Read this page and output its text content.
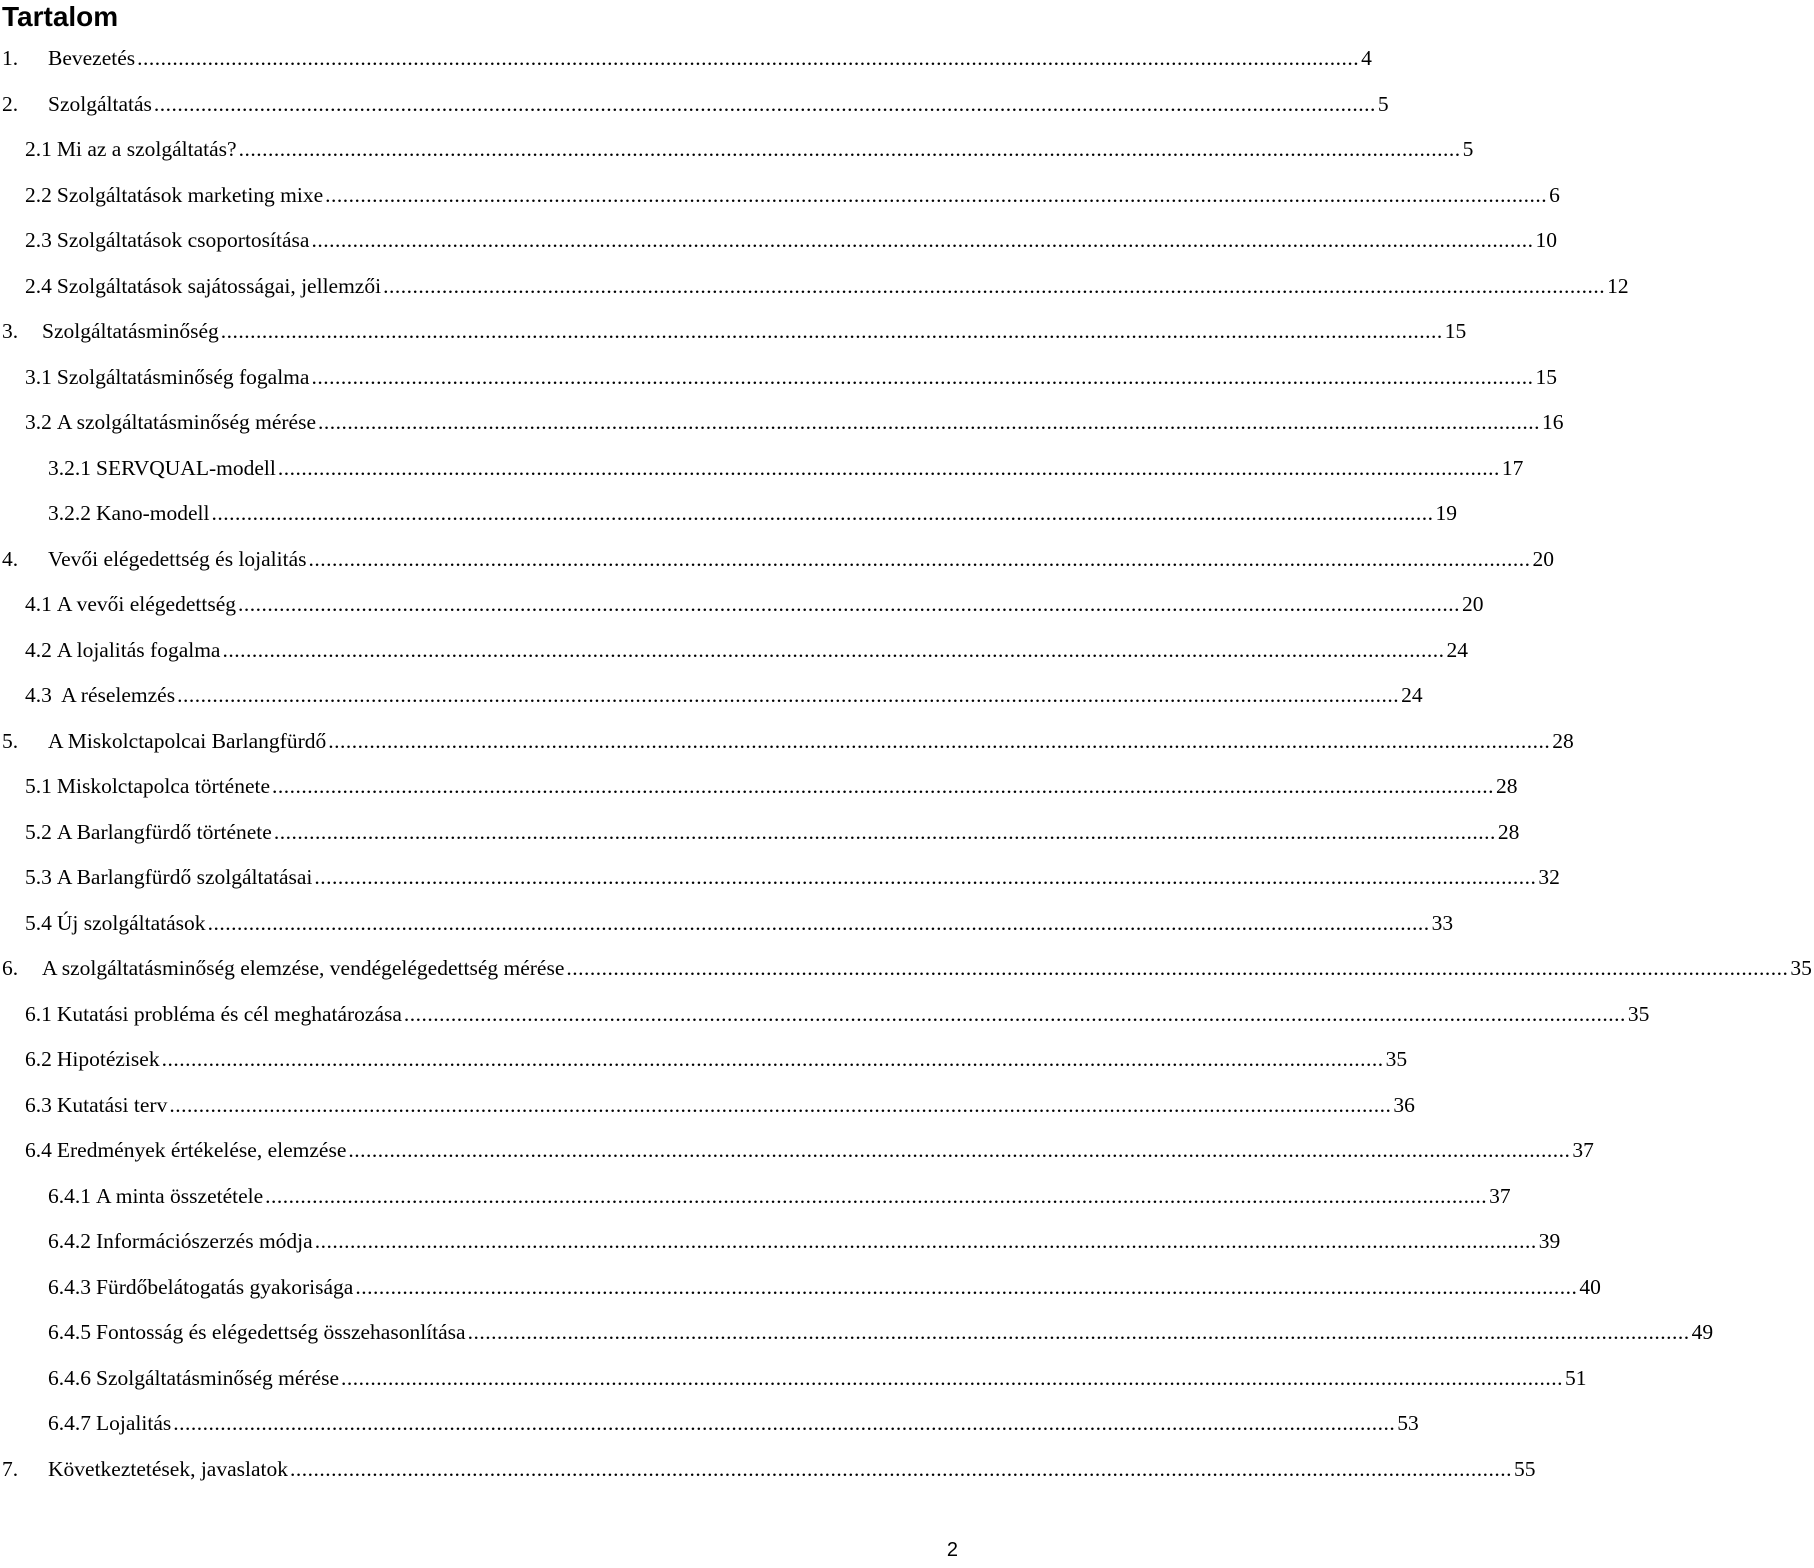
Tartalom
1.	Bevezetés ................................................................................................................................................................................................................ 4
2.	Szolgáltatás ................................................................................................................................................................................................................ 5
2.1 Mi az a szolgáltatás? ................................................................................................................................................................................................................ 5
2.2 Szolgáltatások marketing mixe ................................................................................................................................................................................................................ 6
2.3 Szolgáltatások csoportosítása ................................................................................................................................................................................................................ 10
2.4 Szolgáltatások sajátosságai, jellemzői ................................................................................................................................................................................................................ 12
3.	Szolgáltatásminőség ................................................................................................................................................................................................................ 15
3.1 Szolgáltatásminőség fogalma ................................................................................................................................................................................................................ 15
3.2 A szolgáltatásminőség mérése ................................................................................................................................................................................................................ 16
3.2.1 SERVQUAL-modell ................................................................................................................................................................................................................ 17
3.2.2 Kano-modell ................................................................................................................................................................................................................ 19
4.	Vevői elégedettség és lojalitás ................................................................................................................................................................................................................ 20
4.1 A vevői elégedettség ................................................................................................................................................................................................................ 20
4.2 A lojalitás fogalma ................................................................................................................................................................................................................ 24
4.3 A réselemzés ................................................................................................................................................................................................................ 24
5.	A Miskolctapolcai Barlangfürdő ................................................................................................................................................................................................................ 28
5.1 Miskolctapolca története ................................................................................................................................................................................................................ 28
5.2 A Barlangfürdő története ................................................................................................................................................................................................................ 28
5.3 A Barlangfürdő szolgáltatásai ................................................................................................................................................................................................................ 32
5.4 Új szolgáltatások ................................................................................................................................................................................................................ 33
6.	A szolgáltatásminőség elemzése, vendégelégedettség mérése ................................................................................................................................................................................................................ 35
6.1 Kutatási probléma és cél meghatározása ................................................................................................................................................................................................................ 35
6.2 Hipotézisek ................................................................................................................................................................................................................ 35
6.3 Kutatási terv ................................................................................................................................................................................................................ 36
6.4 Eredmények értékelése, elemzése ................................................................................................................................................................................................................ 37
6.4.1 A minta összetétele ................................................................................................................................................................................................................ 37
6.4.2 Információszerzés módja ................................................................................................................................................................................................................ 39
6.4.3 Fürdőbelátogatás gyakorisága ................................................................................................................................................................................................................ 40
6.4.5 Fontosság és elégedettség összehasonlítása ................................................................................................................................................................................................................ 49
6.4.6 Szolgáltatásminőség mérése ................................................................................................................................................................................................................ 51
6.4.7 Lojalitás ................................................................................................................................................................................................................ 53
7.	Következtetések, javaslatok ................................................................................................................................................................................................................ 55
2
